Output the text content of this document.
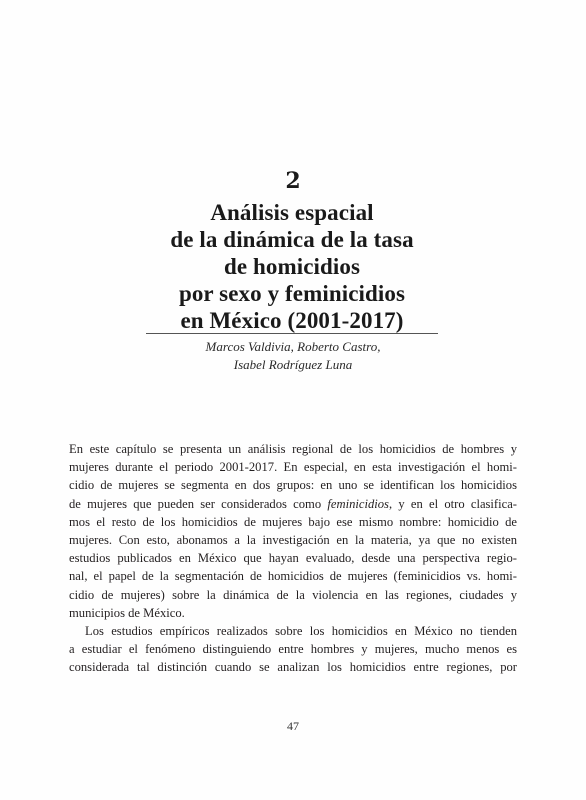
2
Análisis espacial
de la dinámica de la tasa
de homicidios
por sexo y feminicidios
en México (2001-2017)
Marcos Valdivia, Roberto Castro,
Isabel Rodríguez Luna

En este capítulo se presenta un análisis regional de los homicidios de hombres y
mujeres durante el periodo 2001-2017. En especial, en esta investigación el homi-
cidio de mujeres se segmenta en dos grupos: en uno se identifican los homicidios
de mujeres que pueden ser considerados como feminicidios, y en el otro clasifica-
mos el resto de los homicidios de mujeres bajo ese mismo nombre: homicidio de
mujeres. Con esto, abonamos a la investigación en la materia, ya que no existen
estudios publicados en México que hayan evaluado, desde una perspectiva regio-
nal, el papel de la segmentación de homicidios de mujeres (feminicidios vs. homi-
cidio de mujeres) sobre la dinámica de la violencia en las regiones, ciudades y
municipios de México.

Los estudios empíricos realizados sobre los homicidios en México no tienden
a estudiar el fenómeno distinguiendo entre hombres y mujeres, mucho menos es
considerada tal distinción cuando se analizan los homicidios entre regiones, por

47
